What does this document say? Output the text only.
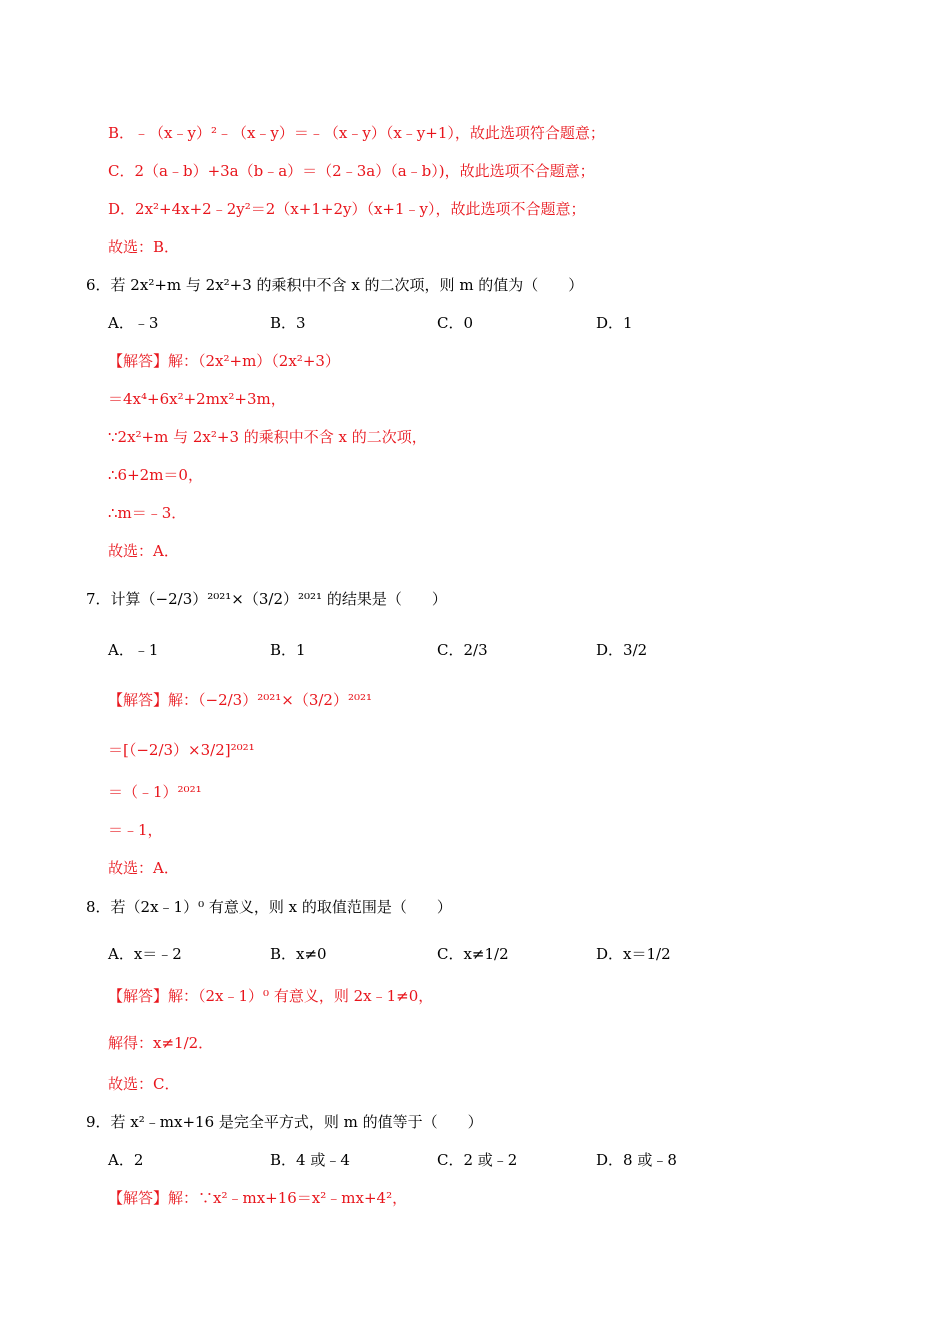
B．﹣（x﹣y）²﹣（x﹣y）＝﹣（x﹣y）（x﹣y+1），故此选项符合题意；
C．2（a﹣b）+3a（b﹣a）＝（2﹣3a）（a﹣b）)，故此选项不合题意；
D．2x²+4x+2﹣2y²＝2（x+1+2y）（x+1﹣y），故此选项不合题意；
故选：B．
6．若 2x²+m 与 2x²+3 的乘积中不含 x 的二次项，则 m 的值为（　　）
A．﹣3	B．3	C．0	D．1
【解答】解：（2x²+m）（2x²+3）
＝4x⁴+6x²+2mx²+3m，
∵2x²+m 与 2x²+3 的乘积中不含 x 的二次项，
∴6+2m＝0，
∴m＝﹣3．
故选：A．
7．计算（−2/3）²⁰²¹×（3/2）²⁰²¹ 的结果是（　　）
A．﹣1	B．1	C．2/3	D．3/2
【解答】解：（−2/3）²⁰²¹×（3/2）²⁰²¹
＝[（−2/3）×3/2]²⁰²¹
＝（﹣1）²⁰²¹
＝﹣1，
故选：A．
8．若（2x﹣1）⁰ 有意义，则 x 的取值范围是（　　）
A．x＝﹣2	B．x≠0	C．x≠1/2	D．x＝1/2
【解答】解：（2x﹣1）⁰ 有意义，则 2x﹣1≠0，
解得：x≠1/2．
故选：C．
9．若 x²﹣mx+16 是完全平方式，则 m 的值等于（　　）
A．2	B．4 或﹣4	C．2 或﹣2	D．8 或﹣8
【解答】解：∵x²﹣mx+16＝x²﹣mx+4²，
